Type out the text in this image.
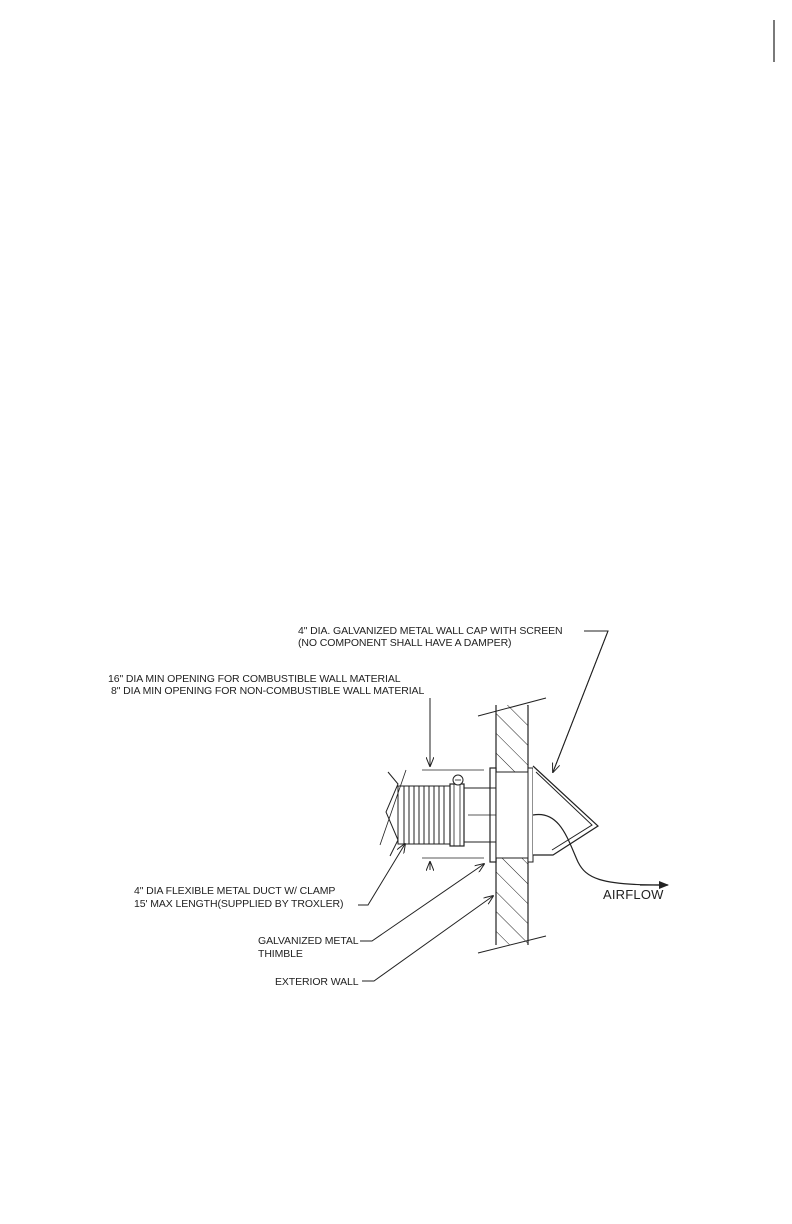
4" DIA. GALVANIZED METAL WALL CAP WITH SCREEN
(NO COMPONENT SHALL HAVE A DAMPER)
16" DIA MIN OPENING FOR COMBUSTIBLE WALL MATERIAL
8" DIA MIN OPENING FOR NON-COMBUSTIBLE WALL MATERIAL
4" DIA FLEXIBLE METAL DUCT W/ CLAMP
15' MAX LENGTH(SUPPLIED BY TROXLER)
GALVANIZED METAL
THIMBLE
EXTERIOR WALL
AIRFLOW
